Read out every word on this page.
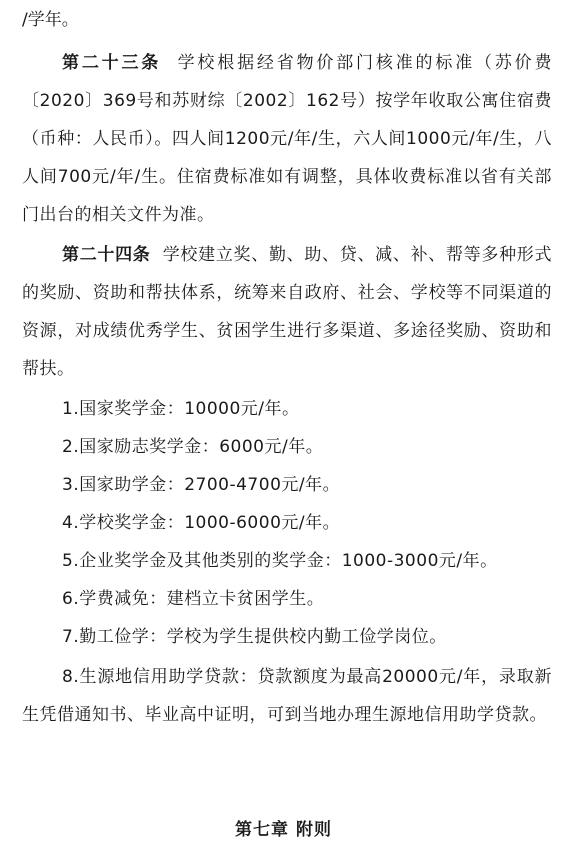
/学年。
第二十三条 学校根据经省物价部门核准的标准（苏价费〔2020〕369号和苏财综〔2002〕162号）按学年收取公寓住宿费（币种：人民币）。四人间1200元/年/生，六人间1000元/年/生，八人间700元/年/生。住宿费标准如有调整，具体收费标准以省有关部门出台的相关文件为准。
第二十四条 学校建立奖、勤、助、贷、减、补、帮等多种形式的奖励、资助和帮扶体系，统筹来自政府、社会、学校等不同渠道的资源，对成绩优秀学生、贫困学生进行多渠道、多途径奖励、资助和帮扶。
1.国家奖学金：10000元/年。
2.国家励志奖学金：6000元/年。
3.国家助学金：2700-4700元/年。
4.学校奖学金：1000-6000元/年。
5.企业奖学金及其他类别的奖学金：1000-3000元/年。
6.学费减免：建档立卡贫困学生。
7.勤工俭学：学校为学生提供校内勤工俭学岗位。
8.生源地信用助学贷款：贷款额度为最高20000元/年，录取新生凭借通知书、毕业高中证明，可到当地办理生源地信用助学贷款。
第七章 附则
